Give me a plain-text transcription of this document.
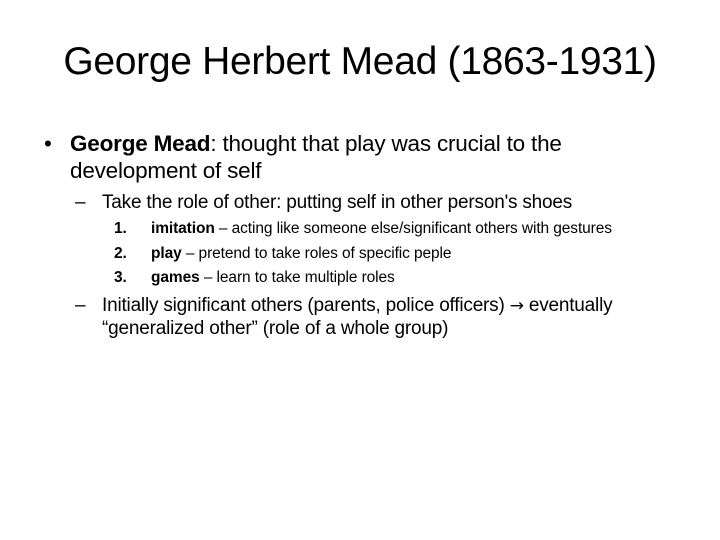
George Herbert Mead (1863-1931)
• George Mead: thought that play was crucial to the development of self
– Take the role of other: putting self in other person's shoes
1. imitation – acting like someone else/significant others with gestures
2. play – pretend to take roles of specific peple
3. games – learn to take multiple roles
– Initially significant others (parents, police officers) → eventually “generalized other” (role of a whole group)
